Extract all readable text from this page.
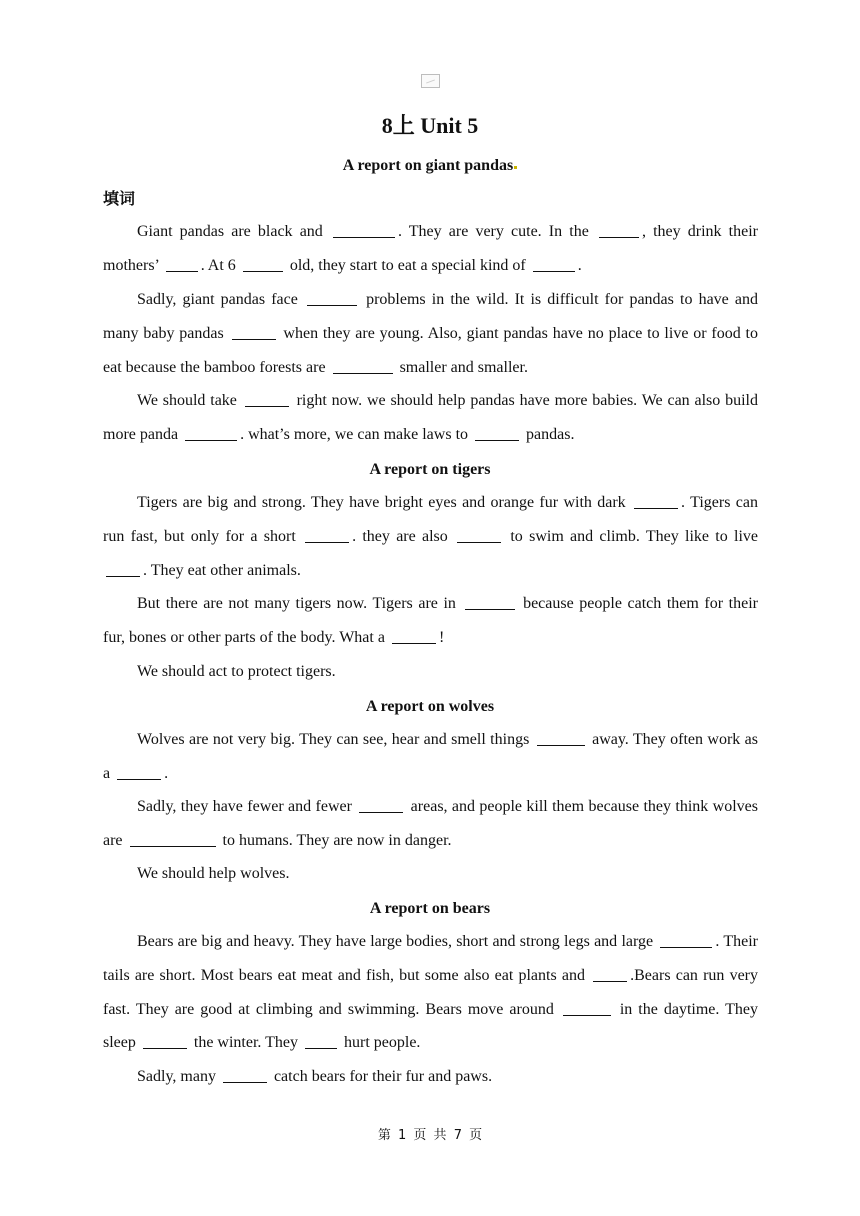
8上 Unit 5
A report on giant pandas
填词

Giant pandas are black and	. They are very cute. In the	, they drink their mothers’ . At 6	old, they start to eat a special kind of	.

Sadly, giant pandas face	problems in the wild. It is difficult for pandas to have and many baby pandas	when they are young. Also, giant pandas have no place to live or food to eat because the bamboo forests are	smaller and smaller.

We should take	right now. we should help pandas have more babies. We can also build more panda	. what’s more, we can make laws to	pandas.

A report on tigers

Tigers are big and strong. They have bright eyes and orange fur with dark	. Tigers can run fast, but only for a short	. they are also	to swim and climb. They like to live . They eat other animals.

But there are not many tigers now. Tigers are in	because people catch them for their fur, bones or other parts of the body. What a	!

We should act to protect tigers.

A report on wolves

Wolves are not very big. They can see, hear and smell things	away. They often work as a	.

Sadly, they have fewer and fewer	areas, and people kill them because they think wolves are	to humans. They are now in danger.

We should help wolves.

A report on bears

Bears are big and heavy. They have large bodies, short and strong legs and large	. Their tails are short. Most bears eat meat and fish, but some also eat plants and	.Bears can run very fast. They are good at climbing and swimming. Bears move around	in the daytime. They sleep	the winter. They  hurt people.

Sadly, many	catch bears for their fur and paws.

第 1 页 共 7 页
